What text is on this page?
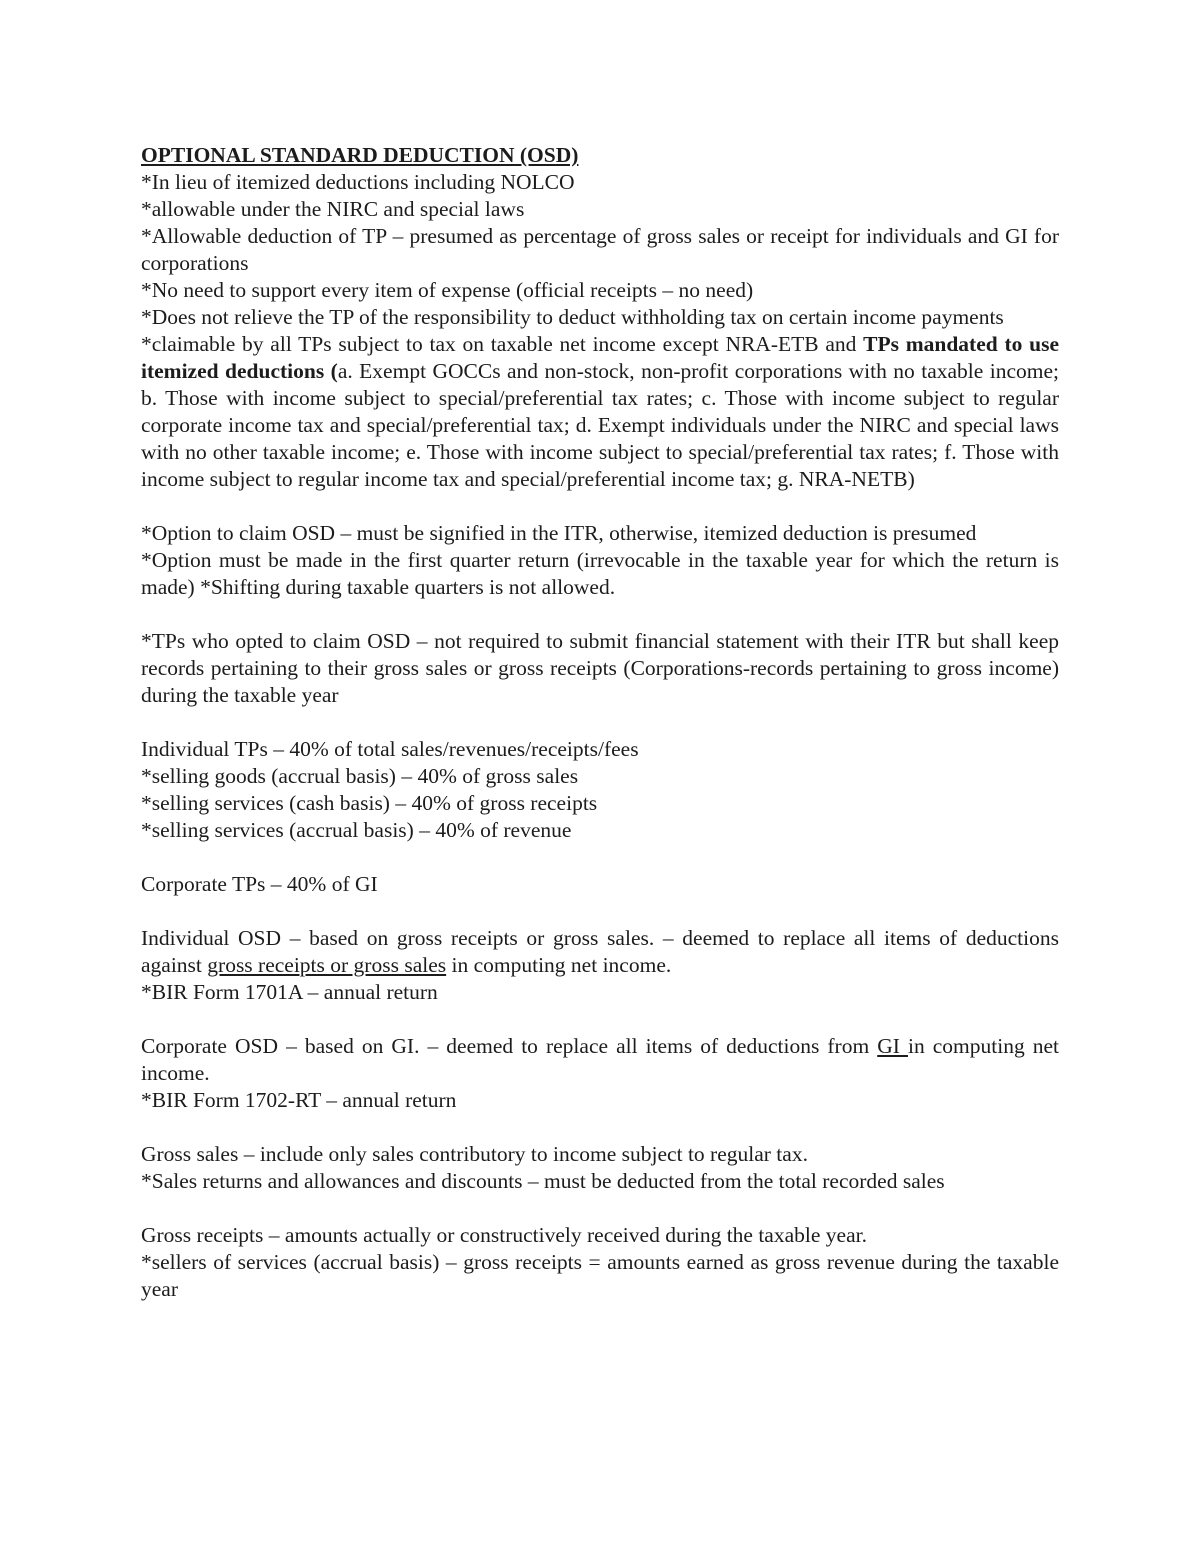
OPTIONAL STANDARD DEDUCTION (OSD)

*In lieu of itemized deductions including NOLCO

*allowable under the NIRC and special laws

*Allowable deduction of TP – presumed as percentage of gross sales or receipt for individuals and GI for corporations

*No need to support every item of expense (official receipts – no need)

*Does not relieve the TP of the responsibility to deduct withholding tax on certain income payments

*claimable by all TPs subject to tax on taxable net income except NRA-ETB and TPs mandated to use itemized deductions (a. Exempt GOCCs and non-stock, non-profit corporations with no taxable income; b. Those with income subject to special/preferential tax rates; c. Those with income subject to regular corporate income tax and special/preferential tax; d. Exempt individuals under the NIRC and special laws with no other taxable income; e. Those with income subject to special/preferential tax rates; f. Those with income subject to regular income tax and special/preferential income tax; g. NRA-NETB)

*Option to claim OSD – must be signified in the ITR, otherwise, itemized deduction is presumed

*Option must be made in the first quarter return (irrevocable in the taxable year for which the return is made) *Shifting during taxable quarters is not allowed.

*TPs who opted to claim OSD – not required to submit financial statement with their ITR but shall keep records pertaining to their gross sales or gross receipts (Corporations-records pertaining to gross income) during the taxable year

Individual TPs – 40% of total sales/revenues/receipts/fees

*selling goods (accrual basis) – 40% of gross sales

*selling services (cash basis) – 40% of gross receipts

*selling services (accrual basis) – 40% of revenue

Corporate TPs – 40% of GI

Individual OSD – based on gross receipts or gross sales. – deemed to replace all items of deductions against gross receipts or gross sales in computing net income.

*BIR Form 1701A – annual return

Corporate OSD – based on GI. – deemed to replace all items of deductions from GI in computing net income.

*BIR Form 1702-RT – annual return

Gross sales – include only sales contributory to income subject to regular tax.

*Sales returns and allowances and discounts – must be deducted from the total recorded sales

Gross receipts – amounts actually or constructively received during the taxable year.

*sellers of services (accrual basis) – gross receipts = amounts earned as gross revenue during the taxable year
